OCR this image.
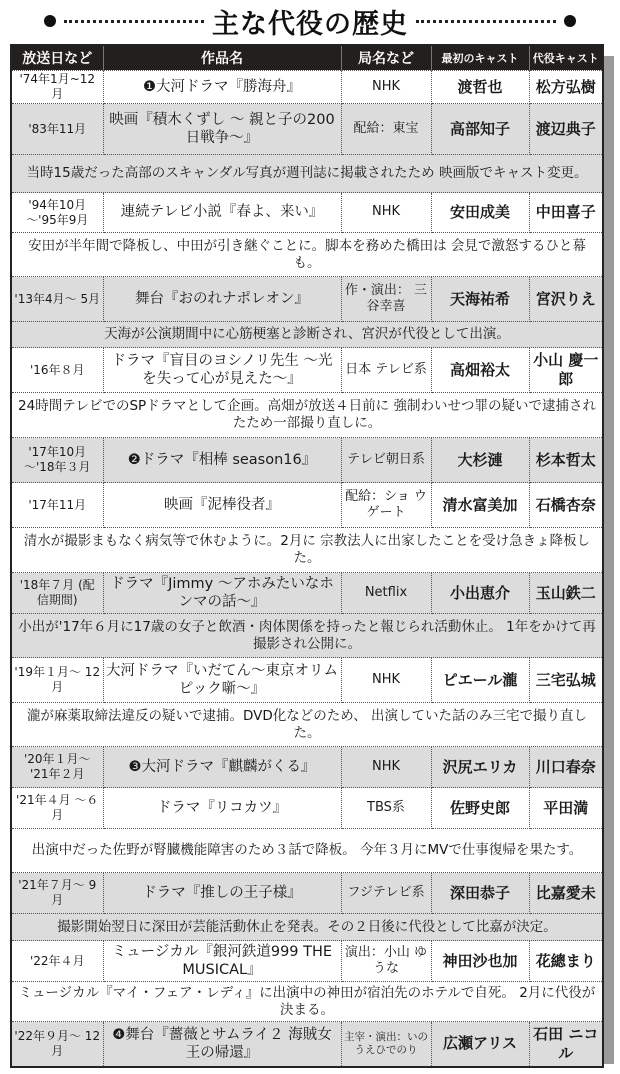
主な代役の歴史
放送日など	作品名	局名など	最初のキャスト	代役キャスト
'74年1月~12月	❶大河ドラマ『勝海舟』	NHK	渡哲也	松方弘樹
'83年11月	映画『積木くずし ～ 親と子の200日戦争～』	配給：東宝	高部知子	渡辺典子
当時15歳だった高部のスキャンダル写真が週刊誌に掲載されたため 映画版でキャスト変更。				
'94年10月 ～'95年9月	連続テレビ小説『春よ、来い』	NHK	安田成美	中田喜子
安田が半年間で降板し、中田が引き継ぐことに。脚本を務めた橋田は 会見で激怒するひと幕も。				
'13年4月～ 5月	舞台『おのれナポレオン』	作・演出： 三谷幸喜	天海祐希	宮沢りえ
天海が公演期間中に心筋梗塞と診断され、宮沢が代役として出演。				
'16年８月	ドラマ『盲目のヨシノリ先生 ～光を失って心が見えた～』	日本 テレビ系	高畑裕太	小山 慶一郎
24時間テレビでのSPドラマとして企画。高畑が放送４日前に 強制わいせつ罪の疑いで逮捕されたため一部撮り直しに。				
'17年10月 ～'18年３月	❷ドラマ『相棒 season16』	テレビ朝日系	大杉漣	杉本哲太
'17年11月	映画『泥棒役者』	配給：ショ ウゲート	清水富美加	石橋杏奈
清水が撮影まもなく病気等で休むように。2月に 宗教法人に出家したことを受け急きょ降板した。				
'18年７月 (配信期間)	ドラマ『Jimmy ～アホみたいなホンマの話～』	Netflix	小出恵介	玉山鉄二
小出が'17年６月に17歳の女子と飲酒・肉体関係を持ったと報じられ活動休止。 1年をかけて再撮影され公開に。				
'19年１月～ 12月	大河ドラマ『いだてん～東京オリムピック噺～』	NHK	ピエール瀧	三宅弘城
瀧が麻薬取締法違反の疑いで逮捕。DVD化などのため、 出演していた話のみ三宅で撮り直した。				
'20年１月～ '21年２月	❸大河ドラマ『麒麟がくる』	NHK	沢尻エリカ	川口春奈
'21年４月 ～６月	ドラマ『リコカツ』	TBS系	佐野史郎	平田満
出演中だった佐野が腎臓機能障害のため３話で降板。 今年３月にMVで仕事復帰を果たす。				
'21年７月～ 9月	ドラマ『推しの王子様』	フジテレビ系	深田恭子	比嘉愛未
撮影開始翌日に深田が芸能活動休止を発表。その２日後に代役として比嘉が決定。				
'22年４月	ミュージカル『銀河鉄道999 THE MUSICAL』	演出：小山 ゆうな	神田沙也加	花總まり
ミュージカル『マイ・フェア・レディ』に出演中の神田が宿泊先のホテルで自死。 2月に代役が決まる。				
'22年９月～ 12月	❹舞台『薔薇とサムライ２ 海賊女王の帰還』	主宰・演出：いの うえひでのり	広瀬アリス	石田 ニコル
